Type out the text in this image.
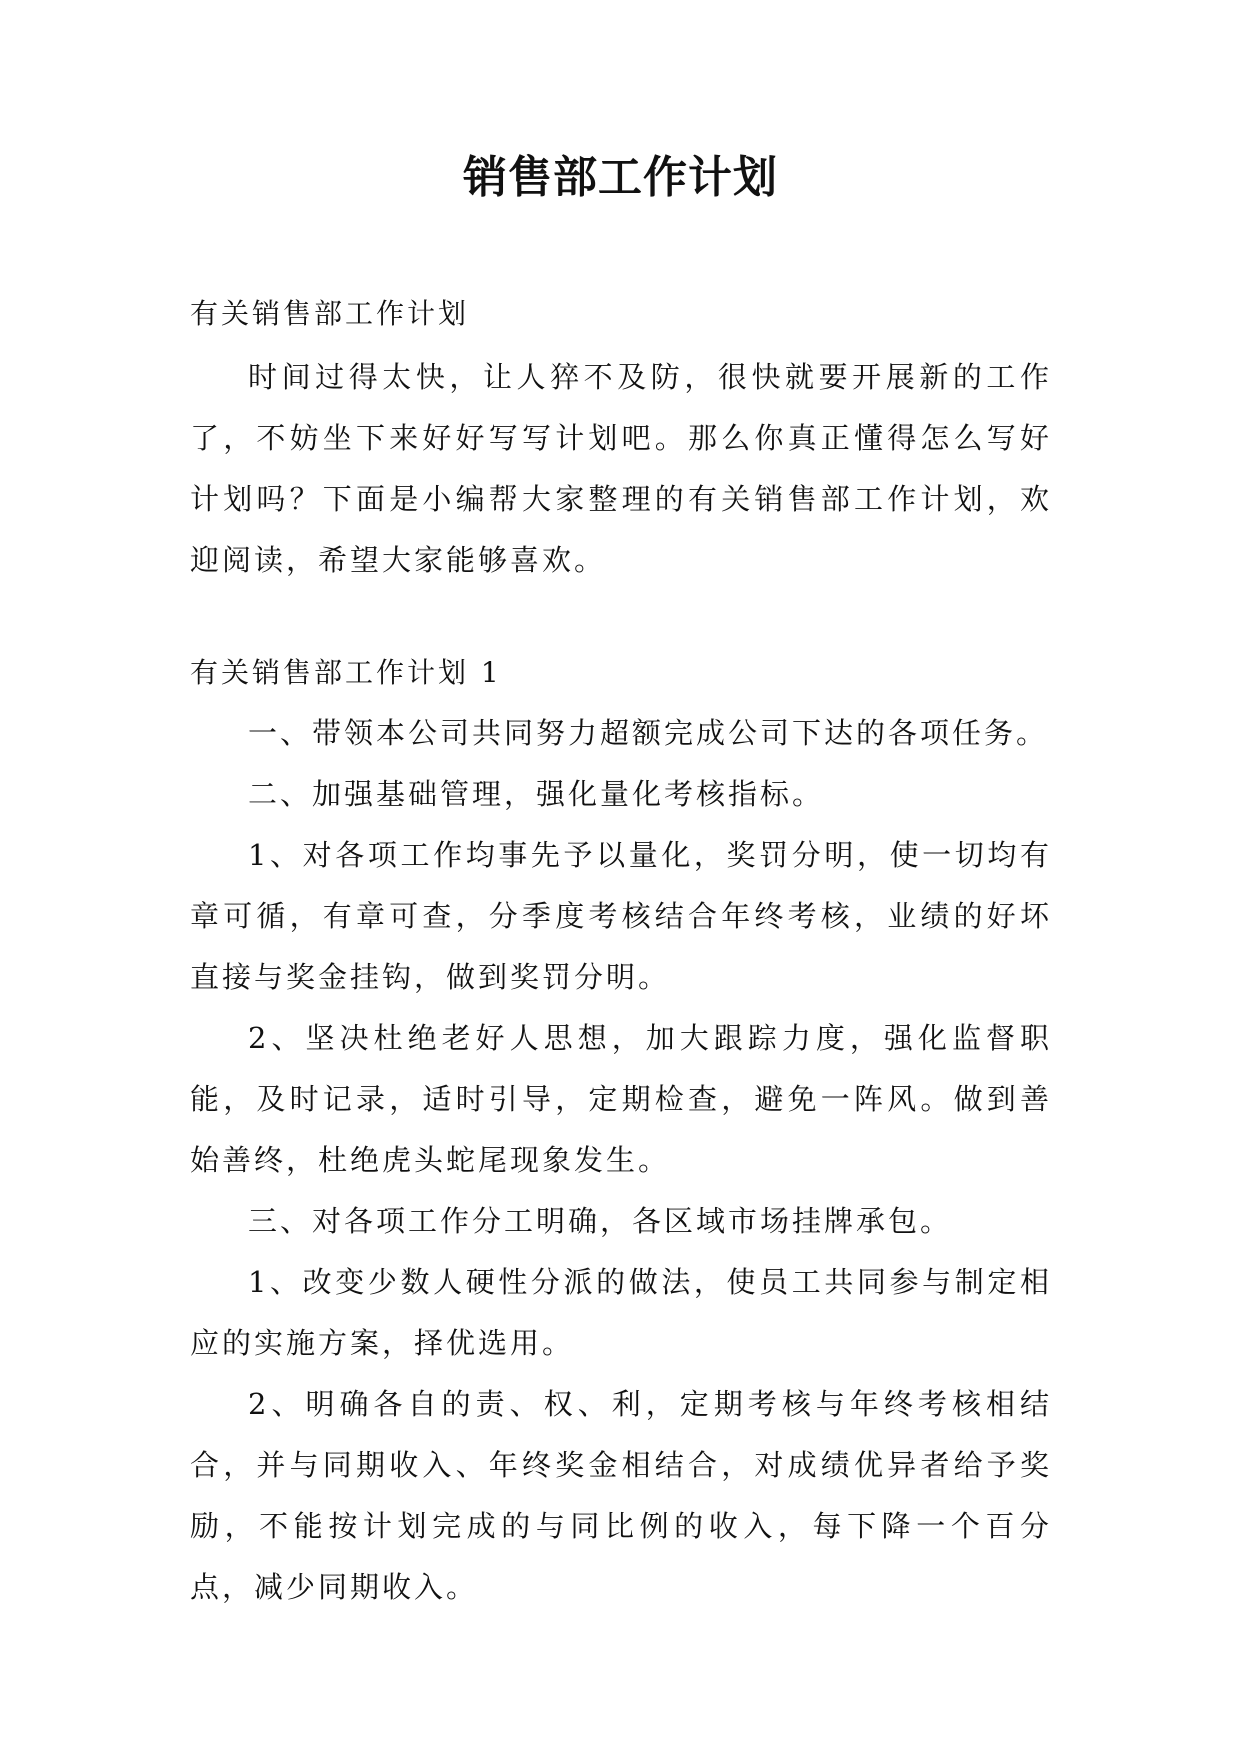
销售部工作计划

有关销售部工作计划

时间过得太快，让人猝不及防，很快就要开展新的工作了，不妨坐下来好好写写计划吧。那么你真正懂得怎么写好计划吗？下面是小编帮大家整理的有关销售部工作计划，欢迎阅读，希望大家能够喜欢。

有关销售部工作计划 1

一、带领本公司共同努力超额完成公司下达的各项任务。

二、加强基础管理，强化量化考核指标。

1、对各项工作均事先予以量化，奖罚分明，使一切均有章可循，有章可查，分季度考核结合年终考核，业绩的好坏直接与奖金挂钩，做到奖罚分明。

2、坚决杜绝老好人思想，加大跟踪力度，强化监督职能，及时记录，适时引导，定期检查，避免一阵风。做到善始善终，杜绝虎头蛇尾现象发生。

三、对各项工作分工明确，各区域市场挂牌承包。

1、改变少数人硬性分派的做法，使员工共同参与制定相应的实施方案，择优选用。

2、明确各自的责、权、利，定期考核与年终考核相结合，并与同期收入、年终奖金相结合，对成绩优异者给予奖励，不能按计划完成的与同比例的收入，每下降一个百分点，减少同期收入。
